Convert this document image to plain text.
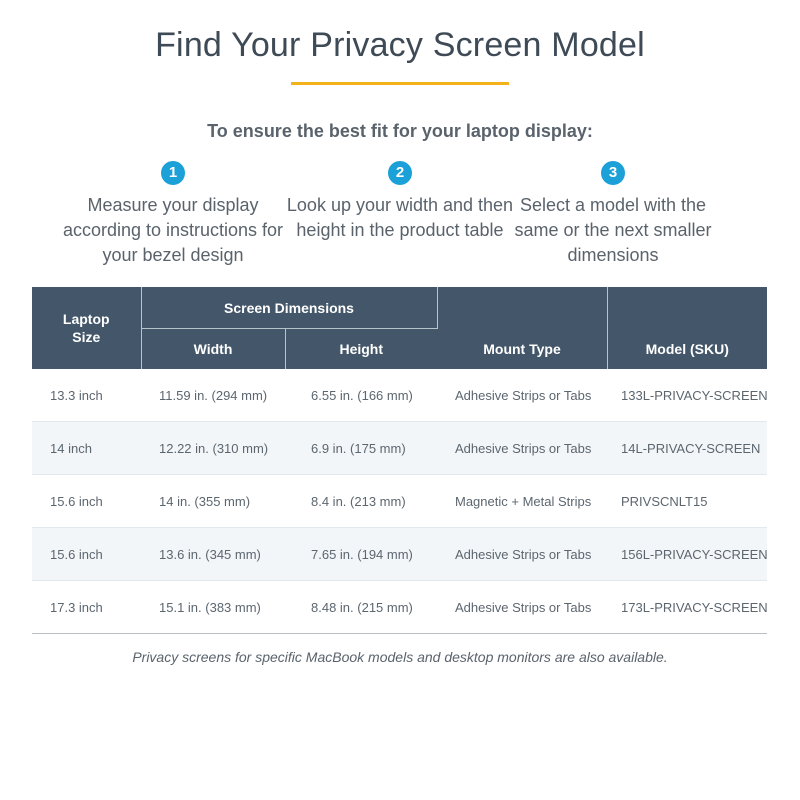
Find Your Privacy Screen Model
To ensure the best fit for your laptop display:
1
Measure your display according to instructions for your bezel design
2
Look up your width and then height in the product table
3
Select a model with the same or the next smaller dimensions
Laptop Size	Screen Dimensions		Mount Type	Model (SKU)
	Width	Height		
13.3 inch	11.59 in. (294 mm)	6.55 in. (166 mm)	Adhesive Strips or Tabs	133L-PRIVACY-SCREEN
14 inch	12.22 in. (310 mm)	6.9 in. (175 mm)	Adhesive Strips or Tabs	14L-PRIVACY-SCREEN
15.6 inch	14 in. (355 mm)	8.4 in. (213 mm)	Magnetic + Metal Strips	PRIVSCNLT15
15.6 inch	13.6 in. (345 mm)	7.65 in. (194 mm)	Adhesive Strips or Tabs	156L-PRIVACY-SCREEN
17.3 inch	15.1 in. (383 mm)	8.48 in. (215 mm)	Adhesive Strips or Tabs	173L-PRIVACY-SCREEN
Privacy screens for specific MacBook models and desktop monitors are also available.
